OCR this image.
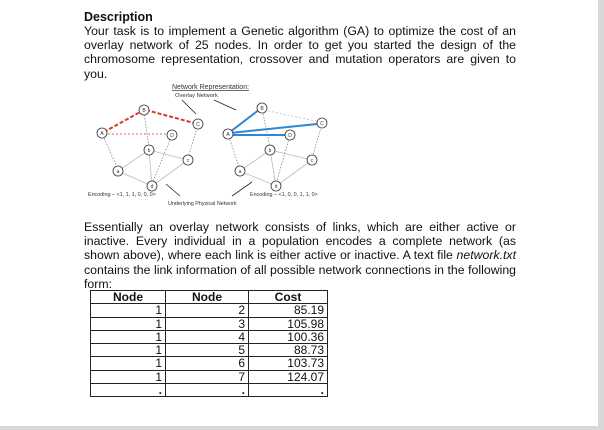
Description
Your task is to implement a Genetic algorithm (GA) to optimize the cost of an overlay network of 25 nodes. In order to get you started the design of the chromosome representation, crossover and mutation operators are given to you.
Network Representation:
Overlay Network
A
B
C
D
a
b
c
d
A
B
C
D
a
b
c
d
Encoding – <1, 1, 1, 0, 0, 0>	Encoding – <1, 0, 0, 1, 1, 0>
Underlying Physical Network
Essentially an overlay network consists of links, which are either active or inactive. Every individual in a population encodes a complete network (as shown above), where each link is either active or inactive. A text file network.txt contains the link information of all possible network connections in the following form:
Node	Node	Cost
1	2	85.19
1	3	105.98
1	4	100.36
1	5	88.73
1	6	103.73
1	7	124.07
.	.	.
